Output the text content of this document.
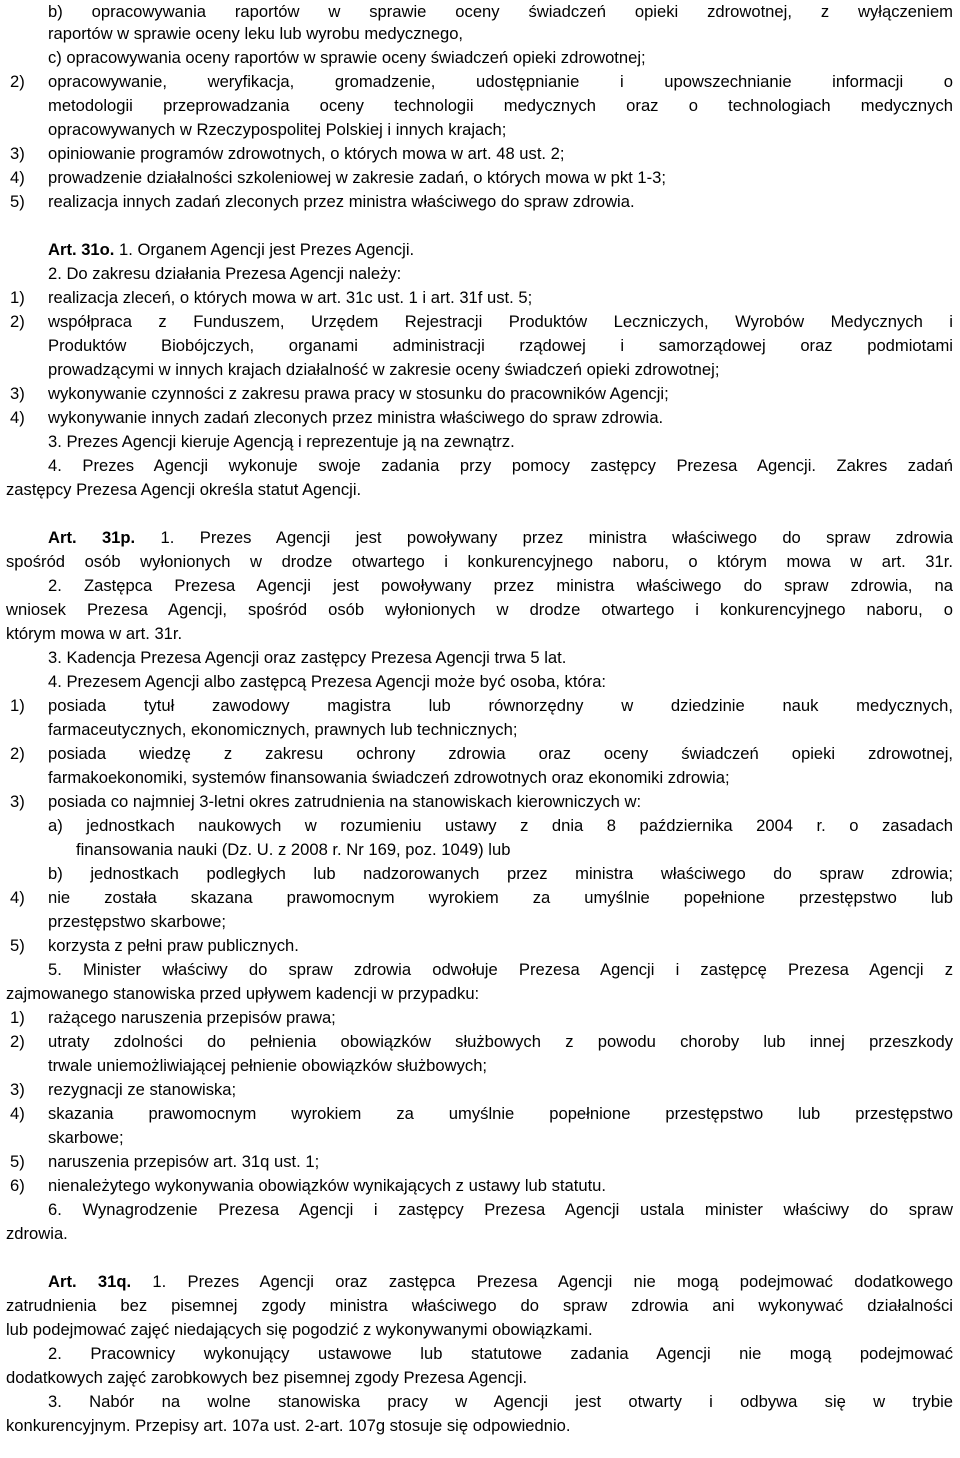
b) opracowywania raportów w sprawie oceny świadczeń opieki zdrowotnej, z wyłączeniem
raportów w sprawie oceny leku lub wyrobu medycznego,
c) opracowywania oceny raportów w sprawie oceny świadczeń opieki zdrowotnej;
2) opracowywanie, weryfikacja, gromadzenie, udostępnianie i upowszechnianie informacji o
metodologii przeprowadzania oceny technologii medycznych oraz o technologiach medycznych
opracowywanych w Rzeczypospolitej Polskiej i innych krajach;
3) opiniowanie programów zdrowotnych, o których mowa w art. 48 ust. 2;
4) prowadzenie działalności szkoleniowej w zakresie zadań, o których mowa w pkt 1-3;
5) realizacja innych zadań zleconych przez ministra właściwego do spraw zdrowia.
Art. 31o. 1. Organem Agencji jest Prezes Agencji.
2. Do zakresu działania Prezesa Agencji należy:
1) realizacja zleceń, o których mowa w art. 31c ust. 1 i art. 31f ust. 5;
2) współpraca z Funduszem, Urzędem Rejestracji Produktów Leczniczych, Wyrobów Medycznych i
Produktów Biobójczych, organami administracji rządowej i samorządowej oraz podmiotami
prowadzącymi w innych krajach działalność w zakresie oceny świadczeń opieki zdrowotnej;
3) wykonywanie czynności z zakresu prawa pracy w stosunku do pracowników Agencji;
4) wykonywanie innych zadań zleconych przez ministra właściwego do spraw zdrowia.
3. Prezes Agencji kieruje Agencją i reprezentuje ją na zewnątrz.
4. Prezes Agencji wykonuje swoje zadania przy pomocy zastępcy Prezesa Agencji. Zakres zadań
zastępcy Prezesa Agencji określa statut Agencji.
Art. 31p. 1. Prezes Agencji jest powoływany przez ministra właściwego do spraw zdrowia
spośród osób wyłonionych w drodze otwartego i konkurencyjnego naboru, o którym mowa w art. 31r.
2. Zastępca Prezesa Agencji jest powoływany przez ministra właściwego do spraw zdrowia, na
wniosek Prezesa Agencji, spośród osób wyłonionych w drodze otwartego i konkurencyjnego naboru, o
którym mowa w art. 31r.
3. Kadencja Prezesa Agencji oraz zastępcy Prezesa Agencji trwa 5 lat.
4. Prezesem Agencji albo zastępcą Prezesa Agencji może być osoba, która:
1) posiada tytuł zawodowy magistra lub równorzędny w dziedzinie nauk medycznych,
farmaceutycznych, ekonomicznych, prawnych lub technicznych;
2) posiada wiedzę z zakresu ochrony zdrowia oraz oceny świadczeń opieki zdrowotnej,
farmakoekonomiki, systemów finansowania świadczeń zdrowotnych oraz ekonomiki zdrowia;
3) posiada co najmniej 3-letni okres zatrudnienia na stanowiskach kierowniczych w:
a) jednostkach naukowych w rozumieniu ustawy z dnia 8 października 2004 r. o zasadach
finansowania nauki (Dz. U. z 2008 r. Nr 169, poz. 1049) lub
b) jednostkach podległych lub nadzorowanych przez ministra właściwego do spraw zdrowia;
4) nie została skazana prawomocnym wyrokiem za umyślnie popełnione przestępstwo lub
przestępstwo skarbowe;
5) korzysta z pełni praw publicznych.
5. Minister właściwy do spraw zdrowia odwołuje Prezesa Agencji i zastępcę Prezesa Agencji z
zajmowanego stanowiska przed upływem kadencji w przypadku:
1) rażącego naruszenia przepisów prawa;
2) utraty zdolności do pełnienia obowiązków służbowych z powodu choroby lub innej przeszkody
trwale uniemożliwiającej pełnienie obowiązków służbowych;
3) rezygnacji ze stanowiska;
4) skazania prawomocnym wyrokiem za umyślnie popełnione przestępstwo lub przestępstwo
skarbowe;
5) naruszenia przepisów art. 31q ust. 1;
6) nienależytego wykonywania obowiązków wynikających z ustawy lub statutu.
6. Wynagrodzenie Prezesa Agencji i zastępcy Prezesa Agencji ustala minister właściwy do spraw
zdrowia.
Art. 31q. 1. Prezes Agencji oraz zastępca Prezesa Agencji nie mogą podejmować dodatkowego
zatrudnienia bez pisemnej zgody ministra właściwego do spraw zdrowia ani wykonywać działalności
lub podejmować zajęć niedających się pogodzić z wykonywanymi obowiązkami.
2. Pracownicy wykonujący ustawowe lub statutowe zadania Agencji nie mogą podejmować
dodatkowych zajęć zarobkowych bez pisemnej zgody Prezesa Agencji.
3. Nabór na wolne stanowiska pracy w Agencji jest otwarty i odbywa się w trybie
konkurencyjnym. Przepisy art. 107a ust. 2-art. 107g stosuje się odpowiednio.
